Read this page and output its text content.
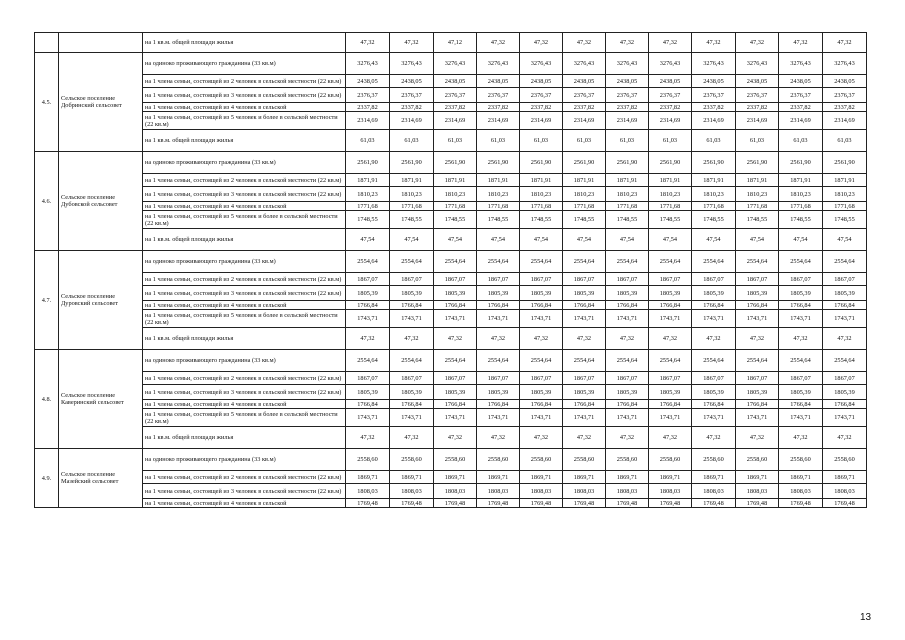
		на 1 кв.м. общей площади жилья	47,32	47,32	47,12	47,32	47,32	47,32	47,32	47,32	47,32	47,32	47,32	47,32
4.5.	Сельское поселение Добринский сельсовет	на одиноко проживающего гражданина (33 кв.м)	3276,43	3276,43	3276,43	3276,43	3276,43	3276,43	3276,43	3276,43	3276,43	3276,43	3276,43	3276,43
		на 1 члена семьи, состоящей из 2 человек в сельской местности (22 кв.м)	2438,05	2438,05	2438,05	2438,05	2438,05	2438,05	2438,05	2438,05	2438,05	2438,05	2438,05	2438,05
		на 1 члена семьи, состоящей из 3 человек в сельской местности (22 кв.м)	2376,37	2376,37	2376,37	2376,37	2376,37	2376,37	2376,37	2376,37	2376,37	2376,37	2376,37	2376,37
		на 1 члена семьи, состоящей из 4 человек в сельской	2337,82	2337,82	2337,82	2337,82	2337,82	2337,82	2337,82	2337,82	2337,82	2337,82	2337,82	2337,82
		на 1 члена семьи, состоящей из 5 человек и более в сельской местности (22 кв.м)	2314,69	2314,69	2314,69	2314,69	2314,69	2314,69	2314,69	2314,69	2314,69	2314,69	2314,69	2314,69
		на 1 кв.м. общей площади жилья	61,03	61,03	61,03	61,03	61,03	61,03	61,03	61,03	61,03	61,03	61,03	61,03
4.6.	Сельское поселение Дубовской сельсовет	на одиноко проживающего гражданина (33 кв.м)	2561,90	2561,90	2561,90	2561,90	2561,90	2561,90	2561,90	2561,90	2561,90	2561,90	2561,90	2561,90
		на 1 члена семьи, состоящей из 2 человек в сельской местности (22 кв.м)	1871,91	1871,91	1871,91	1871,91	1871,91	1871,91	1871,91	1871,91	1871,91	1871,91	1871,91	1871,91
		на 1 члена семьи, состоящей из 3 человек в сельской местности (22 кв.м)	1810,23	1810,23	1810,23	1810,23	1810,23	1810,23	1810,23	1810,23	1810,23	1810,23	1810,23	1810,23
		на 1 члена семьи, состоящей из 4 человек в сельской	1771,68	1771,68	1771,68	1771,68	1771,68	1771,68	1771,68	1771,68	1771,68	1771,68	1771,68	1771,68
		на 1 члена семьи, состоящей из 5 человек и более в сельской местности (22 кв.м)	1748,55	1748,55	1748,55	1748,55	1748,55	1748,55	1748,55	1748,55	1748,55	1748,55	1748,55	1748,55
		на 1 кв.м. общей площади жилья	47,54	47,54	47,54	47,54	47,54	47,54	47,54	47,54	47,54	47,54	47,54	47,54
4.7.	Сельское поселение Дуровский сельсовет	на одиноко проживающего гражданина (33 кв.м)	2554,64	2554,64	2554,64	2554,64	2554,64	2554,64	2554,64	2554,64	2554,64	2554,64	2554,64	2554,64
		на 1 члена семьи, состоящей из 2 человек в сельской местности (22 кв.м)	1867,07	1867,07	1867,07	1867,07	1867,07	1867,07	1867,07	1867,07	1867,07	1867,07	1867,07	1867,07
		на 1 члена семьи, состоящей из 3 человек в сельской местности (22 кв.м)	1805,39	1805,39	1805,39	1805,39	1805,39	1805,39	1805,39	1805,39	1805,39	1805,39	1805,39	1805,39
		на 1 члена семьи, состоящей из 4 человек в сельской	1766,84	1766,84	1766,84	1766,84	1766,84	1766,84	1766,84	1766,84	1766,84	1766,84	1766,84	1766,84
		на 1 члена семьи, состоящей из 5 человек и более в сельской местности (22 кв.м)	1743,71	1743,71	1743,71	1743,71	1743,71	1743,71	1743,71	1743,71	1743,71	1743,71	1743,71	1743,71
		на 1 кв.м. общей площади жилья	47,32	47,32	47,32	47,32	47,32	47,32	47,32	47,32	47,32	47,32	47,32	47,32
4.8.	Сельское поселение Каверинский сельсовет	на одиноко проживающего гражданина (33 кв.м)	2554,64	2554,64	2554,64	2554,64	2554,64	2554,64	2554,64	2554,64	2554,64	2554,64	2554,64	2554,64
		на 1 члена семьи, состоящей из 2 человек в сельской местности (22 кв.м)	1867,07	1867,07	1867,07	1867,07	1867,07	1867,07	1867,07	1867,07	1867,07	1867,07	1867,07	1867,07
		на 1 члена семьи, состоящей из 3 человек в сельской местности (22 кв.м)	1805,39	1805,39	1805,39	1805,39	1805,39	1805,39	1805,39	1805,39	1805,39	1805,39	1805,39	1805,39
		на 1 члена семьи, состоящей из 4 человек в сельской	1766,84	1766,84	1766,84	1766,84	1766,84	1766,84	1766,84	1766,84	1766,84	1766,84	1766,84	1766,84
		на 1 члена семьи, состоящей из 5 человек и более в сельской местности (22 кв.м)	1743,71	1743,71	1743,71	1743,71	1743,71	1743,71	1743,71	1743,71	1743,71	1743,71	1743,71	1743,71
		на 1 кв.м. общей площади жилья	47,32	47,32	47,32	47,32	47,32	47,32	47,32	47,32	47,32	47,32	47,32	47,32
4.9.	Сельское поселение Мазейский сельсовет	на одиноко проживающего гражданина (33 кв.м)	2558,60	2558,60	2558,60	2558,60	2558,60	2558,60	2558,60	2558,60	2558,60	2558,60	2558,60	2558,60
		на 1 члена семьи, состоящей из 2 человек в сельской местности (22 кв.м)	1869,71	1869,71	1869,71	1869,71	1869,71	1869,71	1869,71	1869,71	1869,71	1869,71	1869,71	1869,71
		на 1 члена семьи, состоящей из 3 человек в сельской местности (22 кв.м)	1808,03	1808,03	1808,03	1808,03	1808,03	1808,03	1808,03	1808,03	1808,03	1808,03	1808,03	1808,03
		на 1 члена семьи, состоящей из 4 человек в сельской	1769,48	1769,48	1769,48	1769,48	1769,48	1769,48	1769,48	1769,48	1769,48	1769,48	1769,48	1769,48
13
